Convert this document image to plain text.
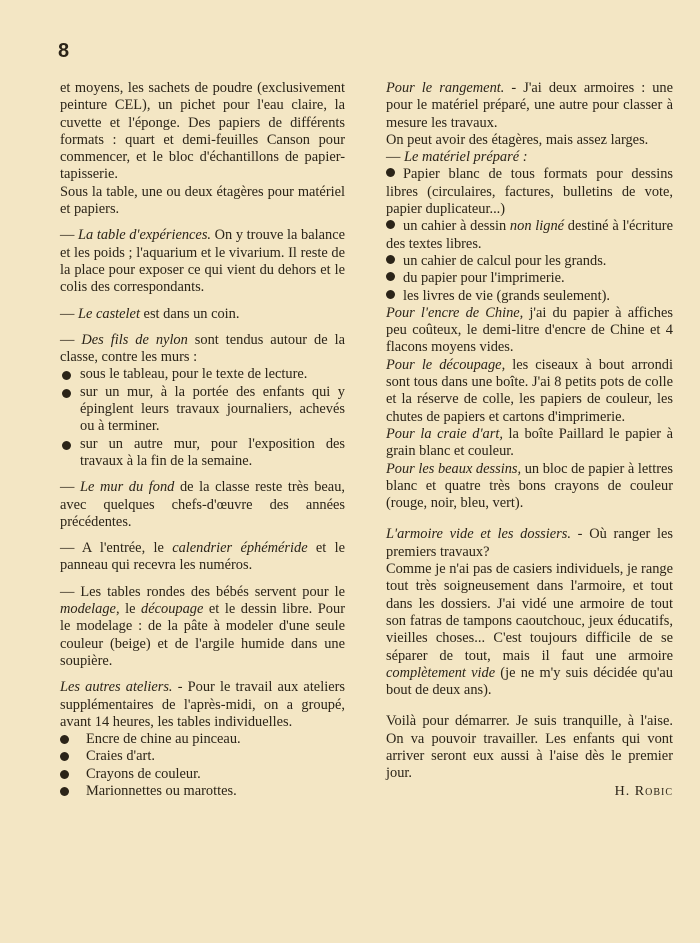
8

et moyens, les sachets de poudre (exclusivement peinture CEL), un pichet pour l'eau claire, la cuvette et l'éponge. Des papiers de différents formats : quart et demi-feuilles Canson pour commencer, et le bloc d'échantillons de papier-tapisserie.

Sous la table, une ou deux étagères pour matériel et papiers.

— La table d'expériences. On y trouve la balance et les poids ; l'aquarium et le vivarium. Il reste de la place pour exposer ce qui vient du dehors et le colis des correspondants.

— Le castelet est dans un coin.

— Des fils de nylon sont tendus autour de la classe, contre les murs :

sous le tableau, pour le texte de lecture.

sur un mur, à la portée des enfants qui y épinglent leurs travaux journaliers, achevés ou à terminer.

sur un autre mur, pour l'exposition des travaux à la fin de la semaine.

— Le mur du fond de la classe reste très beau, avec quelques chefs-d'œuvre des années précédentes.

— A l'entrée, le calendrier éphéméride et le panneau qui recevra les numéros.

— Les tables rondes des bébés servent pour le modelage, le découpage et le dessin libre. Pour le modelage : de la pâte à modeler d'une seule couleur (beige) et de l'argile humide dans une soupière.

Les autres ateliers. - Pour le travail aux ateliers supplémentaires de l'après-midi, on a groupé, avant 14 heures, les tables individuelles.

Encre de chine au pinceau.
Craies d'art.
Crayons de couleur.
Marionnettes ou marottes.

Pour le rangement. - J'ai deux armoires : une pour le matériel préparé, une autre pour classer à mesure les travaux.

On peut avoir des étagères, mais assez larges.

— Le matériel préparé :

Papier blanc de tous formats pour dessins libres (circulaires, factures, bulletins de vote, papier duplicateur...)

un cahier à dessin non ligné destiné à l'écriture des textes libres.

un cahier de calcul pour les grands.

du papier pour l'imprimerie.

les livres de vie (grands seulement).

Pour l'encre de Chine, j'ai du papier à affiches peu coûteux, le demi-litre d'encre de Chine et 4 flacons moyens vides.

Pour le découpage, les ciseaux à bout arrondi sont tous dans une boîte. J'ai 8 petits pots de colle et la réserve de colle, les papiers de couleur, les chutes de papiers et cartons d'imprimerie.

Pour la craie d'art, la boîte Paillard le papier à grain blanc et couleur.

Pour les beaux dessins, un bloc de papier à lettres blanc et quatre très bons crayons de couleur (rouge, noir, bleu, vert).

L'armoire vide et les dossiers. - Où ranger les premiers travaux?

Comme je n'ai pas de casiers individuels, je range tout très soigneusement dans l'armoire, et tout dans les dossiers. J'ai vidé une armoire de tout son fatras de tampons caoutchouc, jeux éducatifs, vieilles choses... C'est toujours difficile de se séparer de tout, mais il faut une armoire complètement vide (je ne m'y suis décidée qu'au bout de deux ans).

Voilà pour démarrer. Je suis tranquille, à l'aise. On va pouvoir travailler. Les enfants qui vont arriver seront eux aussi à l'aise dès le premier jour.

H. Robic
